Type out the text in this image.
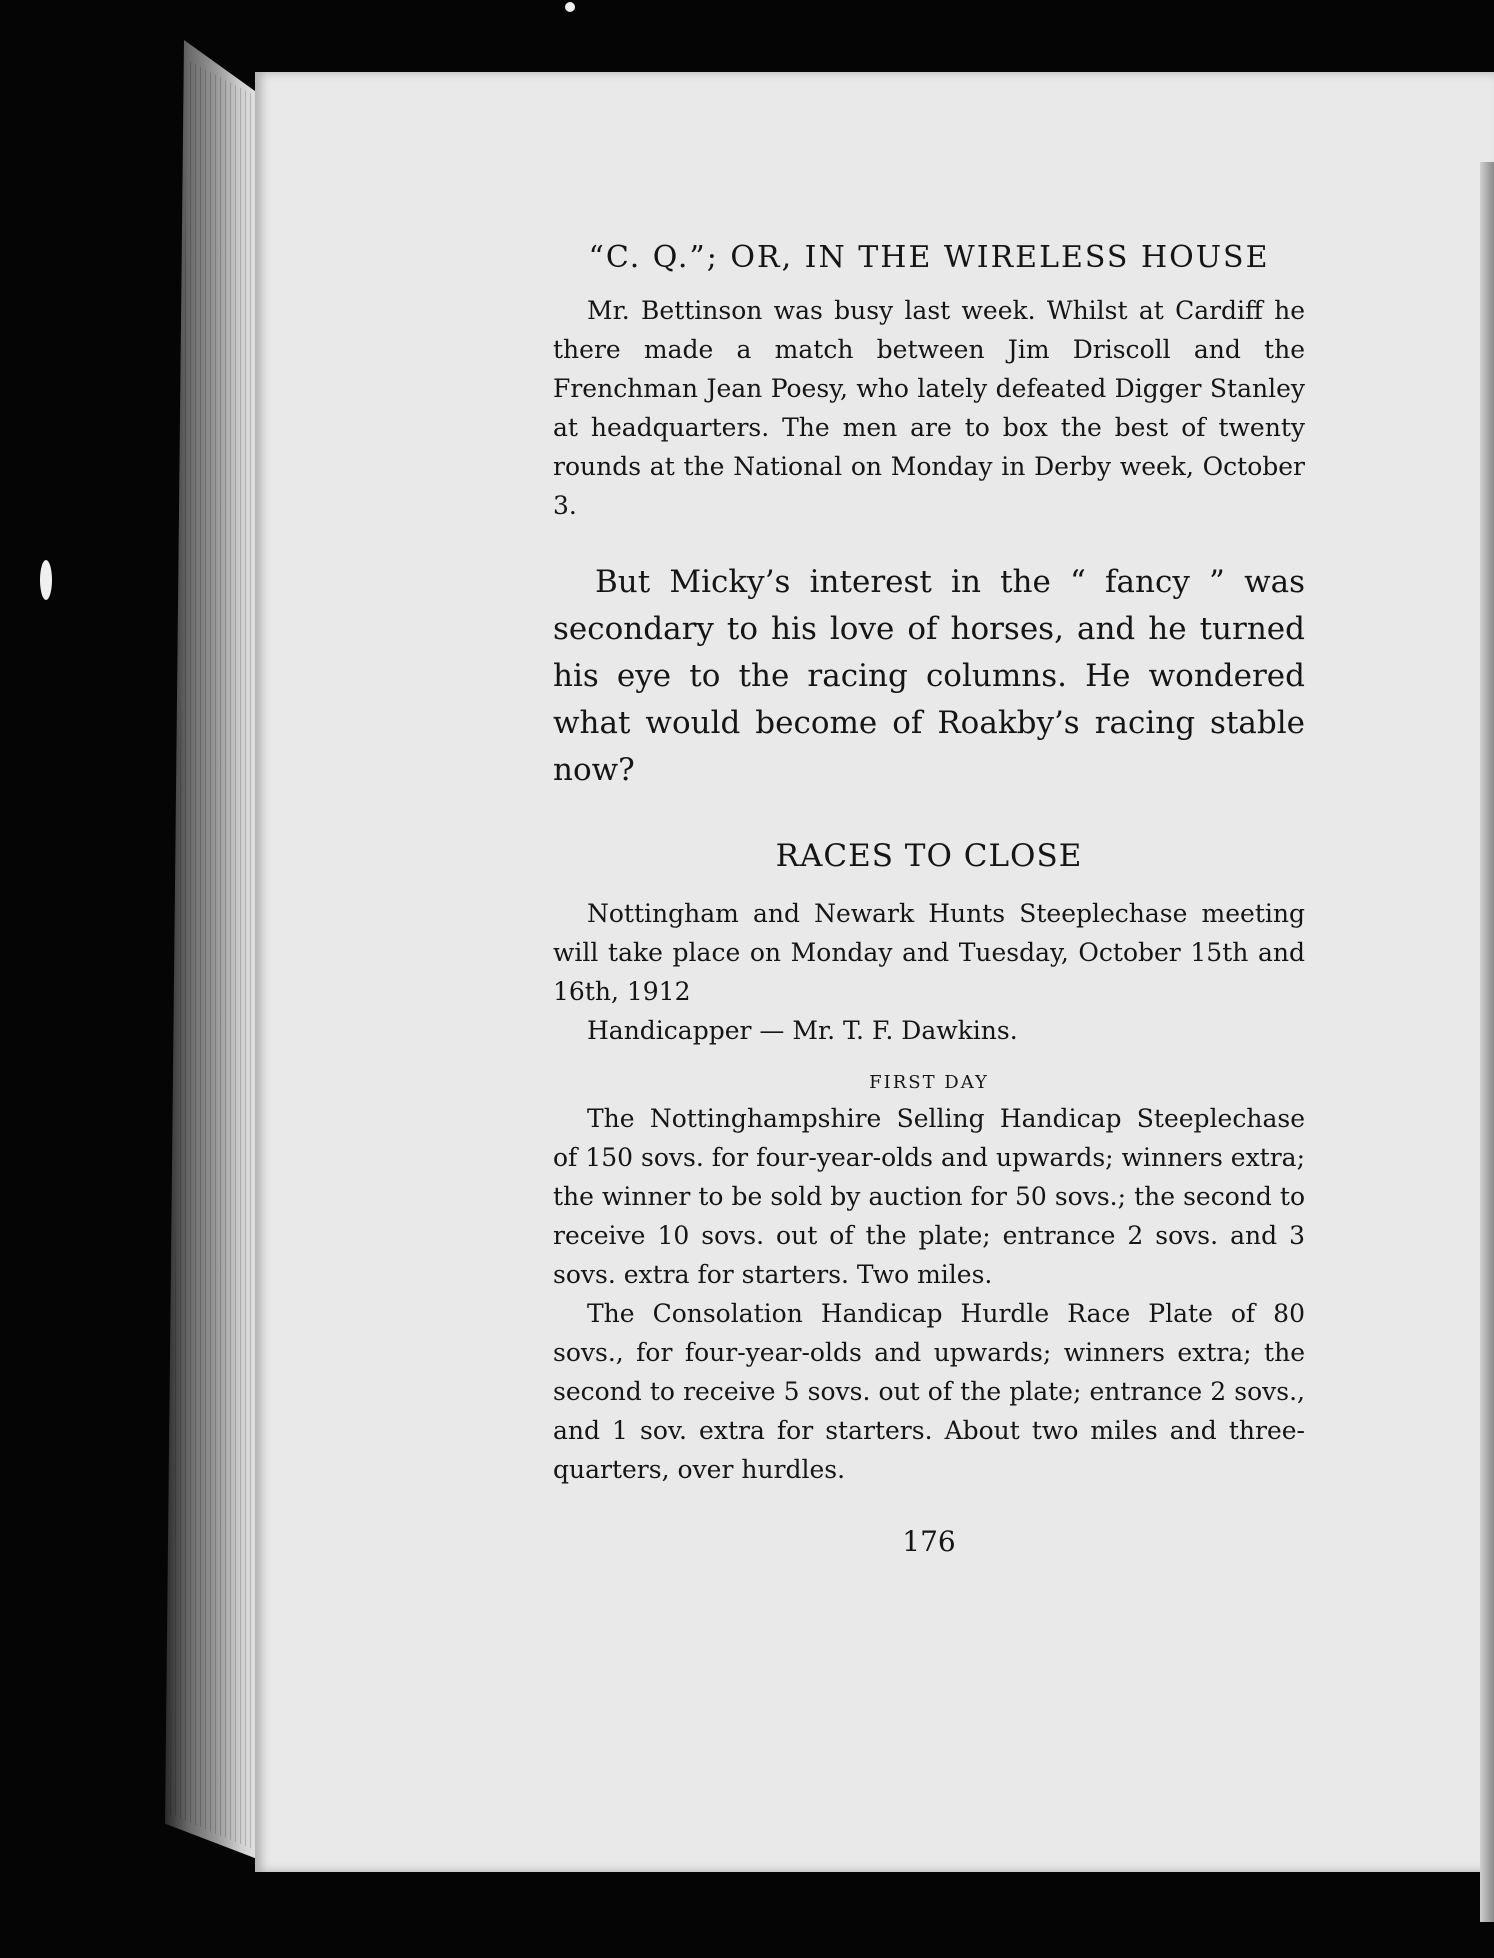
“C. Q.”; OR, IN THE WIRELESS HOUSE

Mr. Bettinson was busy last week. Whilst at Cardiff he there made a match between Jim Driscoll and the Frenchman Jean Poesy, who lately defeated Digger Stanley at headquarters. The men are to box the best of twenty rounds at the National on Monday in Derby week, October 3.

But Micky’s interest in the “ fancy ” was secondary to his love of horses, and he turned his eye to the racing columns. He wondered what would become of Roakby’s racing stable now?

RACES TO CLOSE

Nottingham and Newark Hunts Steeplechase meeting will take place on Monday and Tuesday, October 15th and 16th, 1912

Handicapper — Mr. T. F. Dawkins.

FIRST DAY

The Nottinghampshire Selling Handicap Steeplechase of 150 sovs. for four-year-olds and upwards; winners extra; the winner to be sold by auction for 50 sovs.; the second to receive 10 sovs. out of the plate; entrance 2 sovs. and 3 sovs. extra for starters. Two miles.

The Consolation Handicap Hurdle Race Plate of 80 sovs., for four-year-olds and upwards; winners extra; the second to receive 5 sovs. out of the plate; entrance 2 sovs., and 1 sov. extra for starters. About two miles and three-quarters, over hurdles.

176
